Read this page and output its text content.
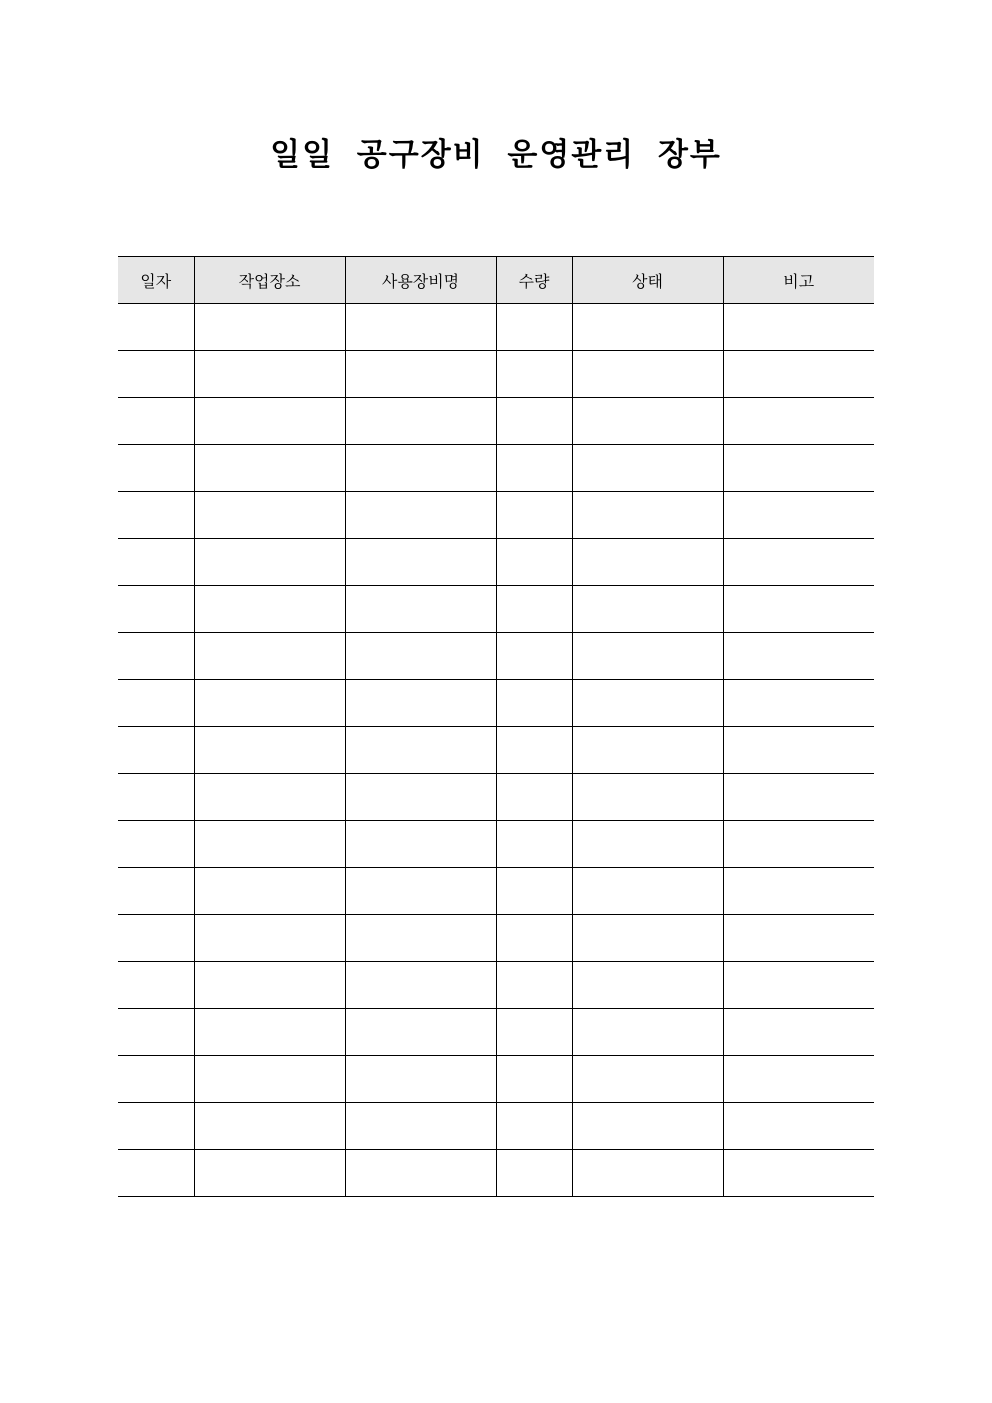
일일 공구장비 운영관리 장부
일자	작업장소	사용장비명	수량	상태	비고
